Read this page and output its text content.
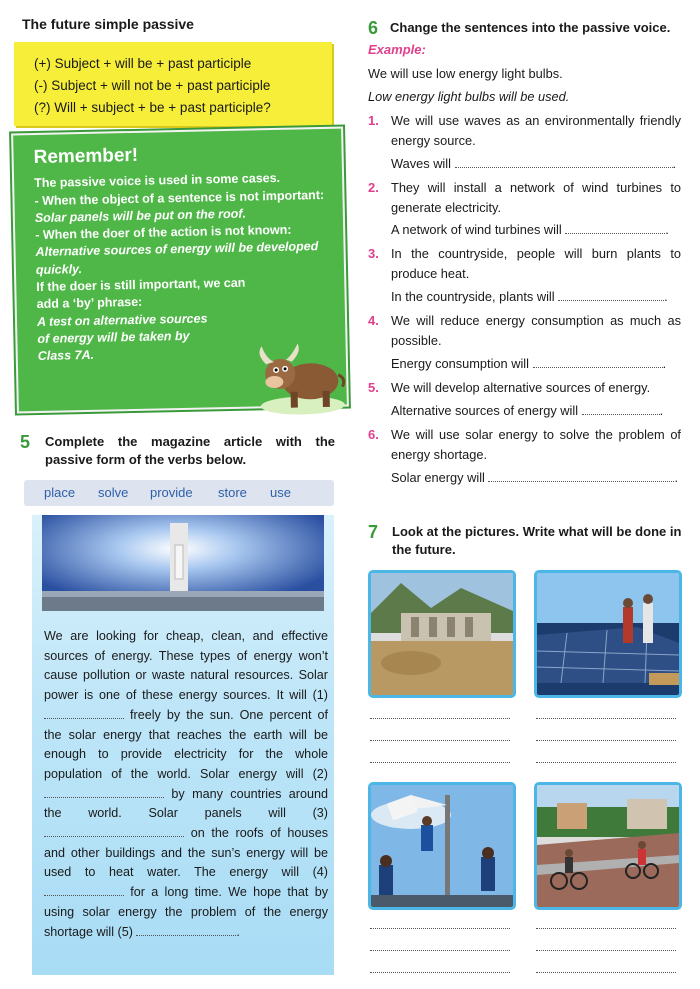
The future simple passive
(+) Subject + will be + past participle
(-) Subject + will not be + past participle
(?) Will + subject + be + past participle?
Remember!
The passive voice is used in some cases.
- When the object of a sentence is not important:
Solar panels will be put on the roof.
- When the doer of the action is not known:
Alternative sources of energy will be developed quickly.
If the doer is still important, we can
add a ‘by’ phrase:
A test on alternative sources
of energy will be taken by
Class 7A.
5 Complete the magazine article with the passive form of the verbs below.
place solve provide store use
We are looking for cheap, clean, and effective sources of energy. These types of energy won’t cause pollution or waste natural resources. Solar power is one of these energy sources. It will (1)  freely by the sun. One percent of the solar energy that reaches the earth will be enough to provide electricity for the whole population of the world. Solar energy will (2)  by many countries around the world. Solar panels will (3)  on the roofs of houses and other buildings and the sun’s energy will be used to heat water. The energy will (4)  for a long time. We hope that by using solar energy the problem of the energy shortage will (5)	.
6 Change the sentences into the passive voice.
Example:
We will use low energy light bulbs.
Low energy light bulbs will be used.
1. We will use waves as an environmentally friendly energy source.
Waves will	.
2. They will install a network of wind turbines to generate electricity.
A network of wind turbines will	.
3. In the countryside, people will burn plants to produce heat.
In the countryside, plants will	.
4. We will reduce energy consumption as much as possible.
Energy consumption will	.
5. We will develop alternative sources of energy.
Alternative sources of energy will	.
6. We will use solar energy to solve the problem of energy shortage.
Solar energy will	.
7 Look at the pictures. Write what will be done in the future.
